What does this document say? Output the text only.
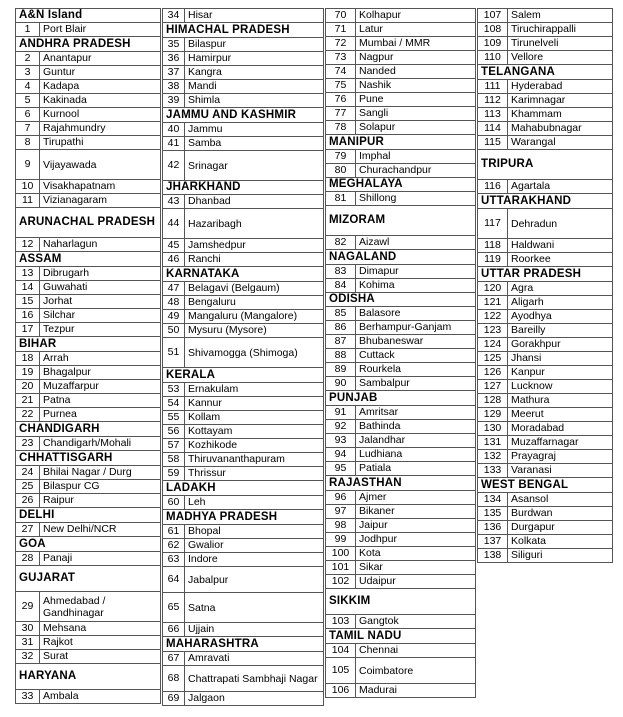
A&N Island	
1	Port Blair
ANDHRA PRADESH	
2	Anantapur
3	Guntur
4	Kadapa
5	Kakinada
6	Kurnool
7	Rajahmundry
8	Tirupathi
9	Vijayawada
10	Visakhapatnam
11	Vizianagaram
ARUNACHAL PRADESH	
12	Naharlagun
ASSAM	
13	Dibrugarh
14	Guwahati
15	Jorhat
16	Silchar
17	Tezpur
BIHAR	
18	Arrah
19	Bhagalpur
20	Muzaffarpur
21	Patna
22	Purnea
CHANDIGARH	
23	Chandigarh/Mohali
CHHATTISGARH	
24	Bhilai Nagar / Durg
25	Bilaspur CG
26	Raipur
DELHI	
27	New Delhi/NCR
GOA	
28	Panaji
GUJARAT	
29	Ahmedabad / Gandhinagar
30	Mehsana
31	Rajkot
32	Surat
HARYANA	
33	Ambala
34	Hisar
HIMACHAL PRADESH	
35	Bilaspur
36	Hamirpur
37	Kangra
38	Mandi
39	Shimla
JAMMU AND KASHMIR	
40	Jammu
41	Samba
42	Srinagar
JHARKHAND	
43	Dhanbad
44	Hazaribagh
45	Jamshedpur
46	Ranchi
KARNATAKA	
47	Belagavi (Belgaum)
48	Bengaluru
49	Mangaluru (Mangalore)
50	Mysuru (Mysore)
51	Shivamogga (Shimoga)
KERALA	
53	Ernakulam
54	Kannur
55	Kollam
56	Kottayam
57	Kozhikode
58	Thiruvananthapuram
59	Thrissur
LADAKH	
60	Leh
MADHYA PRADESH	
61	Bhopal
62	Gwalior
63	Indore
64	Jabalpur
65	Satna
66	Ujjain
MAHARASHTRA	
67	Amravati
68	Chattrapati Sambhaji Nagar
69	Jalgaon
70	Kolhapur
71	Latur
72	Mumbai / MMR
73	Nagpur
74	Nanded
75	Nashik
76	Pune
77	Sangli
78	Solapur
MANIPUR	
79	Imphal
80	Churachandpur
MEGHALAYA	
81	Shillong
MIZORAM	
82	Aizawl
NAGALAND	
83	Dimapur
84	Kohima
ODISHA	
85	Balasore
86	Berhampur-Ganjam
87	Bhubaneswar
88	Cuttack
89	Rourkela
90	Sambalpur
PUNJAB	
91	Amritsar
92	Bathinda
93	Jalandhar
94	Ludhiana
95	Patiala
RAJASTHAN	
96	Ajmer
97	Bikaner
98	Jaipur
99	Jodhpur
100	Kota
101	Sikar
102	Udaipur
SIKKIM	
103	Gangtok
TAMIL NADU	
104	Chennai
105	Coimbatore
106	Madurai
107	Salem
108	Tiruchirappalli
109	Tirunelveli
110	Vellore
TELANGANA	
111	Hyderabad
112	Karimnagar
113	Khammam
114	Mahabubnagar
115	Warangal
TRIPURA	
116	Agartala
UTTARAKHAND	
117	Dehradun
118	Haldwani
119	Roorkee
UTTAR PRADESH	
120	Agra
121	Aligarh
122	Ayodhya
123	Bareilly
124	Gorakhpur
125	Jhansi
126	Kanpur
127	Lucknow
128	Mathura
129	Meerut
130	Moradabad
131	Muzaffarnagar
132	Prayagraj
133	Varanasi
WEST BENGAL	
134	Asansol
135	Burdwan
136	Durgapur
137	Kolkata
138	Siliguri
